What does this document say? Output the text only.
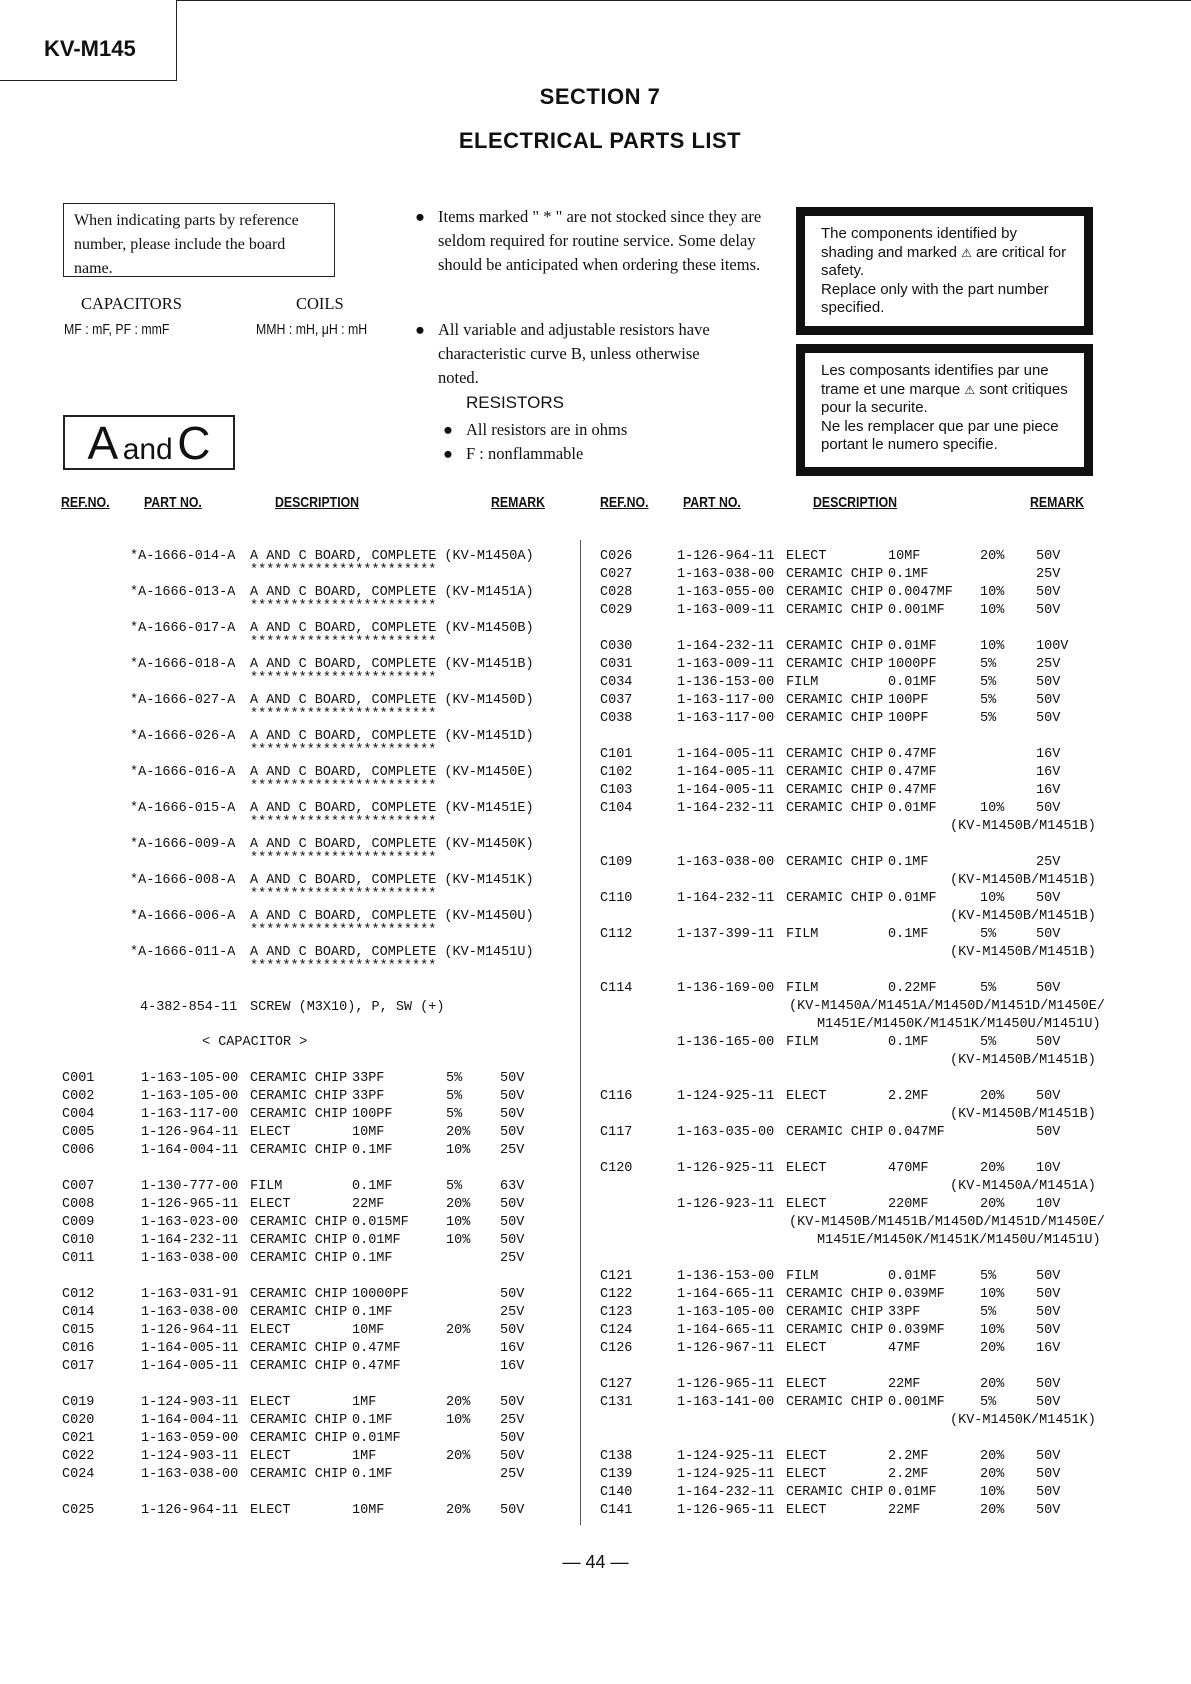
KV-M145
SECTION 7
ELECTRICAL PARTS LIST
When indicating parts by reference number, please include the board name.
CAPACITORS
MF : mF, PF : mmF
COILS
MMH : mH, μH : mH
A and C
● Items marked " * " are not stocked since they are seldom required for routine service. Some delay should be anticipated when ordering these items.
● All variable and adjustable resistors have characteristic curve B, unless otherwise noted.
RESISTORS
● All resistors are in ohms
● F : nonflammable
The components identified by shading and marked ⚠ are critical for safety.
Replace only with the part number specified.
Les composants identifies par une trame et une marque ⚠ sont critiques pour la securite.
Ne les remplacer que par une piece portant le numero specifie.
REF.NO. PART NO.	DESCRIPTION	REMARK	REF.NO. PART NO.	DESCRIPTION	REMARK
*A-1666-014-A A AND C BOARD, COMPLETE (KV-M1450A)
***********************
*A-1666-013-A A AND C BOARD, COMPLETE (KV-M1451A)
***********************
*A-1666-017-A A AND C BOARD, COMPLETE (KV-M1450B)
***********************
*A-1666-018-A A AND C BOARD, COMPLETE (KV-M1451B)
***********************
*A-1666-027-A A AND C BOARD, COMPLETE (KV-M1450D)
***********************
*A-1666-026-A A AND C BOARD, COMPLETE (KV-M1451D)
***********************
*A-1666-016-A A AND C BOARD, COMPLETE (KV-M1450E)
***********************
*A-1666-015-A A AND C BOARD, COMPLETE (KV-M1451E)
***********************
*A-1666-009-A A AND C BOARD, COMPLETE (KV-M1450K)
***********************
*A-1666-008-A A AND C BOARD, COMPLETE (KV-M1451K)
***********************
*A-1666-006-A A AND C BOARD, COMPLETE (KV-M1450U)
***********************
*A-1666-011-A A AND C BOARD, COMPLETE (KV-M1451U)
***********************
4-382-854-11 SCREW (M3X10), P, SW (+)
< CAPACITOR >
C001	1-163-105-00 CERAMIC CHIP 33PF	5%	50V
C002	1-163-105-00 CERAMIC CHIP 33PF	5%	50V
C004	1-163-117-00 CERAMIC CHIP 100PF	5%	50V
C005	1-126-964-11 ELECT	10MF	20% 50V
C006	1-164-004-11 CERAMIC CHIP 0.1MF	10% 25V
C007	1-130-777-00 FILM	0.1MF	5%	63V
C008	1-126-965-11 ELECT	22MF	20% 50V
C009	1-163-023-00 CERAMIC CHIP 0.015MF	10% 50V
C010	1-164-232-11 CERAMIC CHIP 0.01MF	10% 50V
C011	1-163-038-00 CERAMIC CHIP 0.1MF	25V
C012	1-163-031-91 CERAMIC CHIP 10000PF	50V
C014	1-163-038-00 CERAMIC CHIP 0.1MF	25V
C015	1-126-964-11 ELECT	10MF	20% 50V
C016	1-164-005-11 CERAMIC CHIP 0.47MF	16V
C017	1-164-005-11 CERAMIC CHIP 0.47MF	16V
C019	1-124-903-11 ELECT	1MF	20% 50V
C020	1-164-004-11 CERAMIC CHIP 0.1MF	10% 25V
C021	1-163-059-00 CERAMIC CHIP 0.01MF	50V
C022	1-124-903-11 ELECT	1MF	20% 50V
C024	1-163-038-00 CERAMIC CHIP 0.1MF	25V
C025	1-126-964-11 ELECT	10MF	20% 50V
C026	1-126-964-11 ELECT	10MF	20% 50V
C027	1-163-038-00 CERAMIC CHIP 0.1MF	25V
C028	1-163-055-00 CERAMIC CHIP 0.0047MF 10% 50V
C029	1-163-009-11 CERAMIC CHIP 0.001MF	10% 50V
C030	1-164-232-11 CERAMIC CHIP 0.01MF	10% 100V
C031	1-163-009-11 CERAMIC CHIP 1000PF	5%	25V
C034	1-136-153-00 FILM	0.01MF	5%	50V
C037	1-163-117-00 CERAMIC CHIP 100PF	5%	50V
C038	1-163-117-00 CERAMIC CHIP 100PF	5%	50V
C101	1-164-005-11 CERAMIC CHIP 0.47MF	16V
C102	1-164-005-11 CERAMIC CHIP 0.47MF	16V
C103	1-164-005-11 CERAMIC CHIP 0.47MF	16V
C104	1-164-232-11 CERAMIC CHIP 0.01MF	10% 50V
(KV-M1450B/M1451B)
C109	1-163-038-00 CERAMIC CHIP 0.1MF	25V
(KV-M1450B/M1451B)
C110	1-164-232-11 CERAMIC CHIP 0.01MF	10% 50V
(KV-M1450B/M1451B)
C112	1-137-399-11 FILM	0.1MF	5%	50V
(KV-M1450B/M1451B)
C114	1-136-169-00 FILM	0.22MF	5%	50V
(KV-M1450A/M1451A/M1450D/M1451D/M1450E/
M1451E/M1450K/M1451K/M1450U/M1451U)
1-136-165-00 FILM	0.1MF	5%	50V
(KV-M1450B/M1451B)
C116	1-124-925-11 ELECT	2.2MF	20% 50V
(KV-M1450B/M1451B)
C117	1-163-035-00 CERAMIC CHIP 0.047MF	50V
C120	1-126-925-11 ELECT	470MF	20% 10V
(KV-M1450A/M1451A)
1-126-923-11 ELECT	220MF	20% 10V
(KV-M1450B/M1451B/M1450D/M1451D/M1450E/
M1451E/M1450K/M1451K/M1450U/M1451U)
C121	1-136-153-00 FILM	0.01MF	5%	50V
C122	1-164-665-11 CERAMIC CHIP 0.039MF	10% 50V
C123	1-163-105-00 CERAMIC CHIP 33PF	5%	50V
C124	1-164-665-11 CERAMIC CHIP 0.039MF	10% 50V
C126	1-126-967-11 ELECT	47MF	20% 16V
C127	1-126-965-11 ELECT	22MF	20% 50V
C131	1-163-141-00 CERAMIC CHIP 0.001MF	5%	50V
(KV-M1450K/M1451K)
C138	1-124-925-11 ELECT	2.2MF	20% 50V
C139	1-124-925-11 ELECT	2.2MF	20% 50V
C140	1-164-232-11 CERAMIC CHIP 0.01MF	10% 50V
C141	1-126-965-11 ELECT	22MF	20% 50V
— 44 —
